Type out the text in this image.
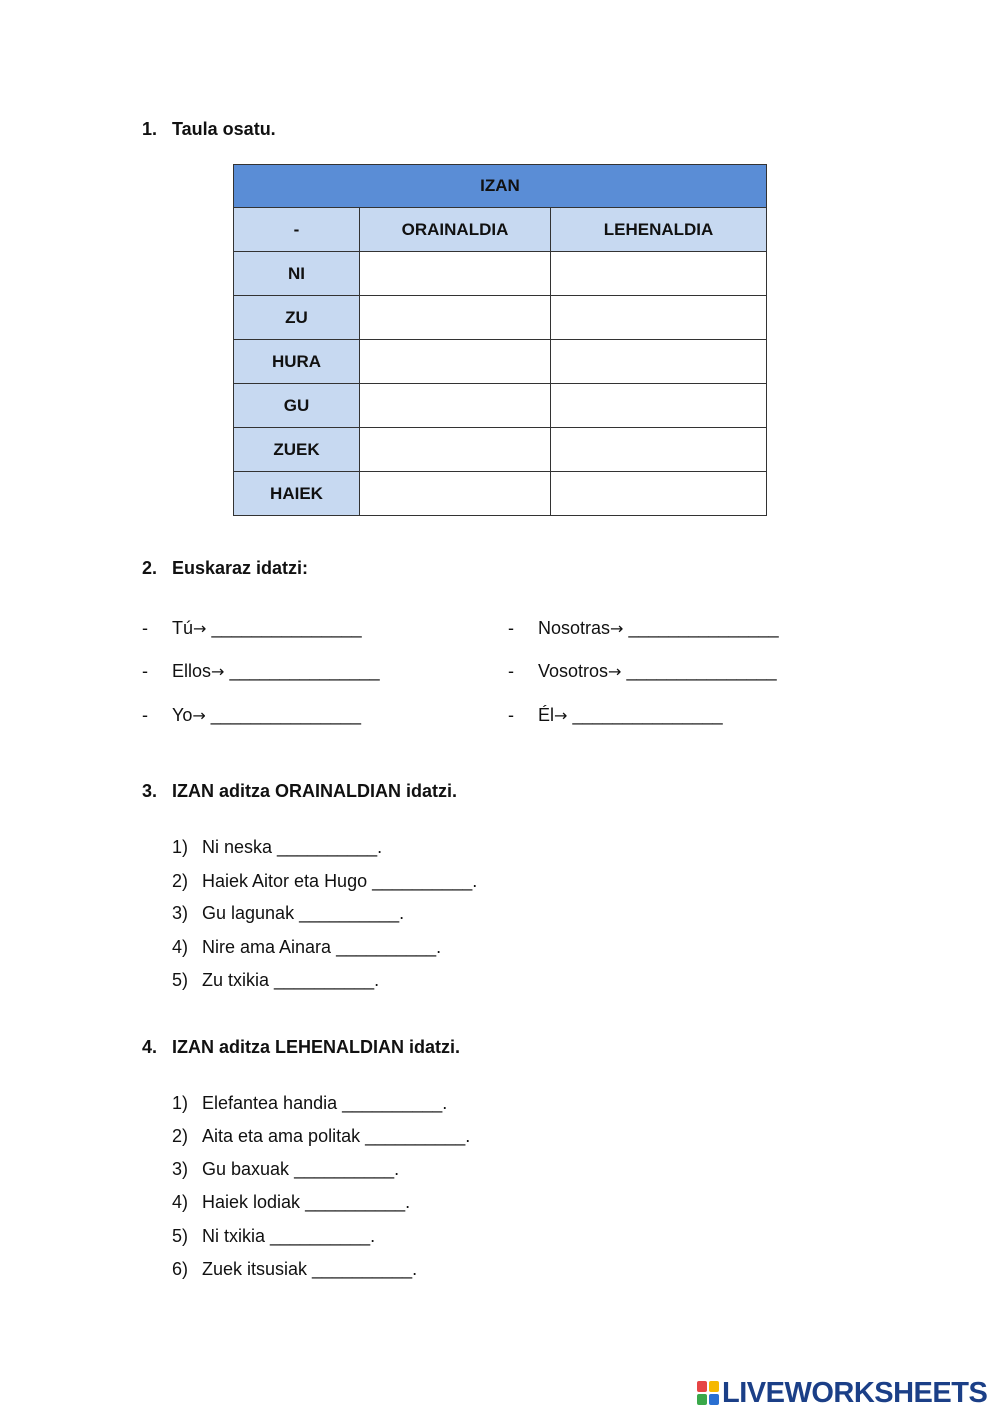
1. Taula osatu.
IZAN		
-	ORAINALDIA	LEHENALDIA
NI		
ZU		
HURA		
GU		
ZUEK		
HAIEK		
2. Euskaraz idatzi:
- Tú→ _______________
- Ellos→ _______________
- Yo→ _______________
- Nosotras→ _______________
- Vosotros→ _______________
- Él→ _______________
3. IZAN aditza ORAINALDIAN idatzi.
1) Ni neska __________.
2) Haiek Aitor eta Hugo __________.
3) Gu lagunak __________.
4) Nire ama Ainara __________.
5) Zu txikia __________.
4. IZAN aditza LEHENALDIAN idatzi.
1) Elefantea handia __________.
2) Aita eta ama politak __________.
3) Gu baxuak __________.
4) Haiek lodiak __________.
5) Ni txikia __________.
6) Zuek itsusiak __________.
LIVEWORKSHEETS
